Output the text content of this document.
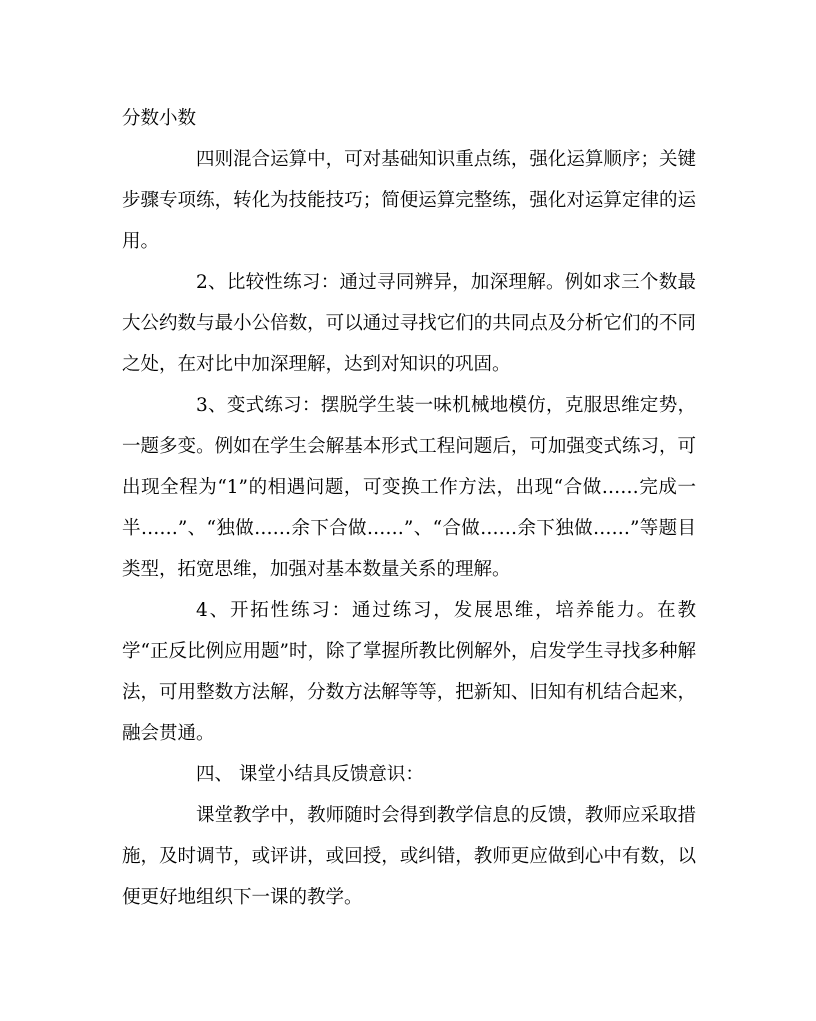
分数小数

四则混合运算中，可对基础知识重点练，强化运算顺序；关键步骤专项练，转化为技能技巧；简便运算完整练，强化对运算定律的运用。

2、比较性练习：通过寻同辨异，加深理解。例如求三个数最大公约数与最小公倍数，可以通过寻找它们的共同点及分析它们的不同之处，在对比中加深理解，达到对知识的巩固。

3、变式练习：摆脱学生装一味机械地模仿，克服思维定势，一题多变。例如在学生会解基本形式工程问题后，可加强变式练习，可出现全程为“1”的相遇问题，可变换工作方法，出现“合做……完成一半……”、“独做……余下合做……”、“合做……余下独做……”等题目类型，拓宽思维，加强对基本数量关系的理解。

4、开拓性练习：通过练习，发展思维，培养能力。在教学“正反比例应用题”时，除了掌握所教比例解外，启发学生寻找多种解法，可用整数方法解，分数方法解等等，把新知、旧知有机结合起来，融会贯通。

四、 课堂小结具反馈意识：

课堂教学中，教师随时会得到教学信息的反馈，教师应采取措施，及时调节，或评讲，或回授，或纠错，教师更应做到心中有数，以便更好地组织下一课的教学。
